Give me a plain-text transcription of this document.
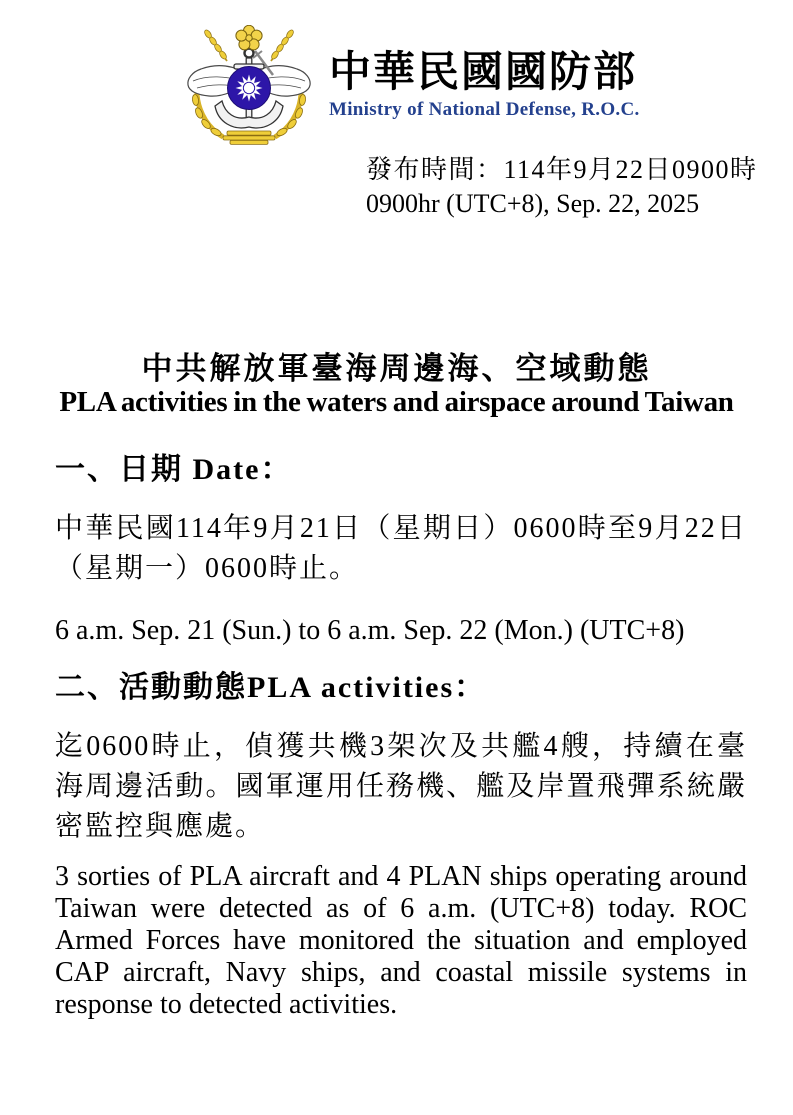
中華民國國防部
Ministry of National Defense, R.O.C.
發布時間：114年9月22日0900時
0900hr (UTC+8), Sep. 22, 2025
中共解放軍臺海周邊海、空域動態
PLA activities in the waters and airspace around Taiwan
一、日期 Date：

中華民國114年9月21日（星期日）0600時至9月22日（星期一）0600時止。

6 a.m. Sep. 21 (Sun.) to 6 a.m. Sep. 22 (Mon.) (UTC+8)

二、活動動態PLA activities：

迄0600時止，偵獲共機3架次及共艦4艘，持續在臺海周邊活動。國軍運用任務機、艦及岸置飛彈系統嚴密監控與應處。

3 sorties of PLA aircraft and 4 PLAN ships operating around Taiwan were detected as of 6 a.m. (UTC+8) today. ROC Armed Forces have monitored the situation and employed CAP aircraft, Navy ships, and coastal missile systems in response to detected activities.
